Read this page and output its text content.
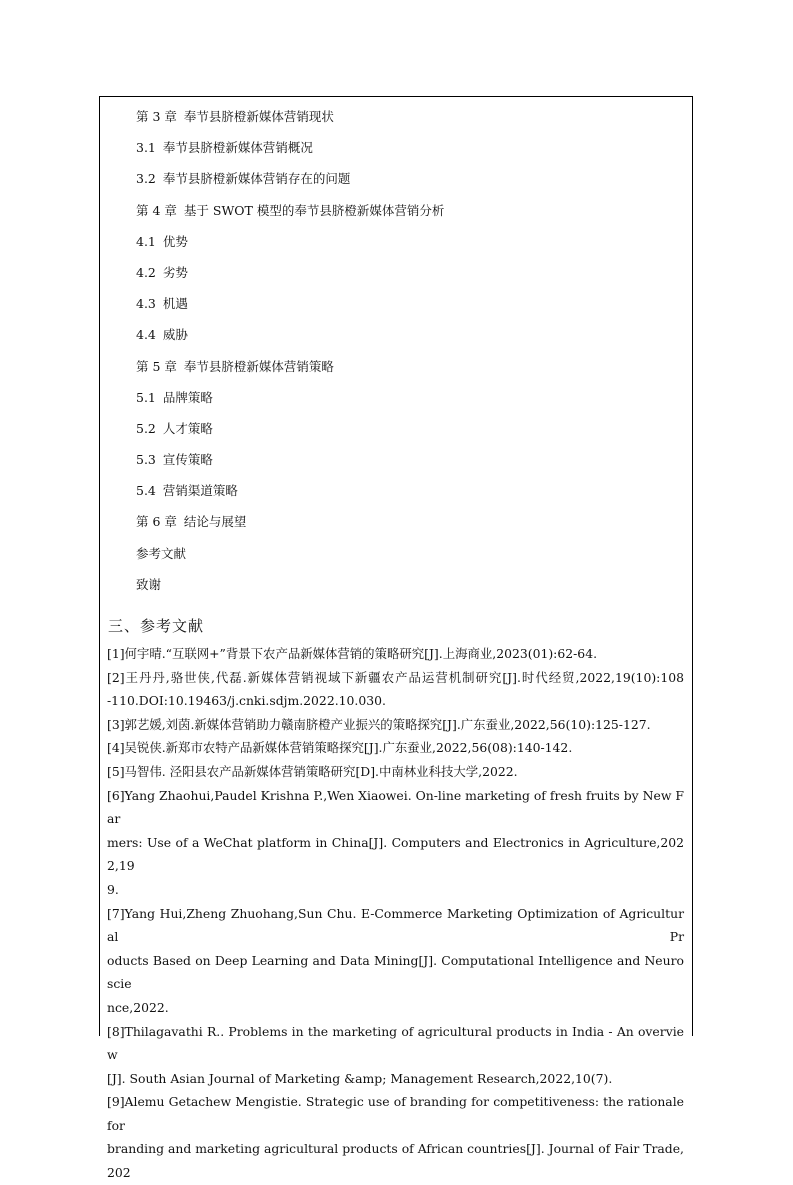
第 3 章 奉节县脐橙新媒体营销现状
3.1 奉节县脐橙新媒体营销概况
3.2 奉节县脐橙新媒体营销存在的问题
第 4 章 基于 SWOT 模型的奉节县脐橙新媒体营销分析
4.1 优势
4.2 劣势
4.3 机遇
4.4 威胁
第 5 章 奉节县脐橙新媒体营销策略
5.1 品牌策略
5.2 人才策略
5.3 宣传策略
5.4 营销渠道策略
第 6 章 结论与展望
参考文献
致谢
三、参考文献
[1]何宇晴.“互联网+”背景下农产品新媒体营销的策略研究[J].上海商业,2023(01):62-64.
[2]王丹丹,骆世侠,代磊.新媒体营销视域下新疆农产品运营机制研究[J].时代经贸,2022,19(10):108
-110.DOI:10.19463/j.cnki.sdjm.2022.10.030.
[3]郭艺媛,刘茵.新媒体营销助力赣南脐橙产业振兴的策略探究[J].广东蚕业,2022,56(10):125-127.
[4]吴锐侠.新郑市农特产品新媒体营销策略探究[J].广东蚕业,2022,56(08):140-142.
[5]马智伟. 泾阳县农产品新媒体营销策略研究[D].中南林业科技大学,2022.
[6]Yang Zhaohui,Paudel Krishna P.,Wen Xiaowei. On-line marketing of fresh fruits by New Far
mers: Use of a WeChat platform in China[J]. Computers and Electronics in Agriculture,2022,19
9.
[7]Yang Hui,Zheng Zhuohang,Sun Chu. E-Commerce Marketing Optimization of Agricultural Pr
oducts Based on Deep Learning and Data Mining[J]. Computational Intelligence and Neuroscie
nce,2022.
[8]Thilagavathi R.. Problems in the marketing of agricultural products in India - An overview
[J]. South Asian Journal of Marketing &amp; Management Research,2022,10(7).
[9]Alemu Getachew Mengistie. Strategic use of branding for competitiveness: the rationale for
branding and marketing agricultural products of African countries[J]. Journal of Fair Trade,202
